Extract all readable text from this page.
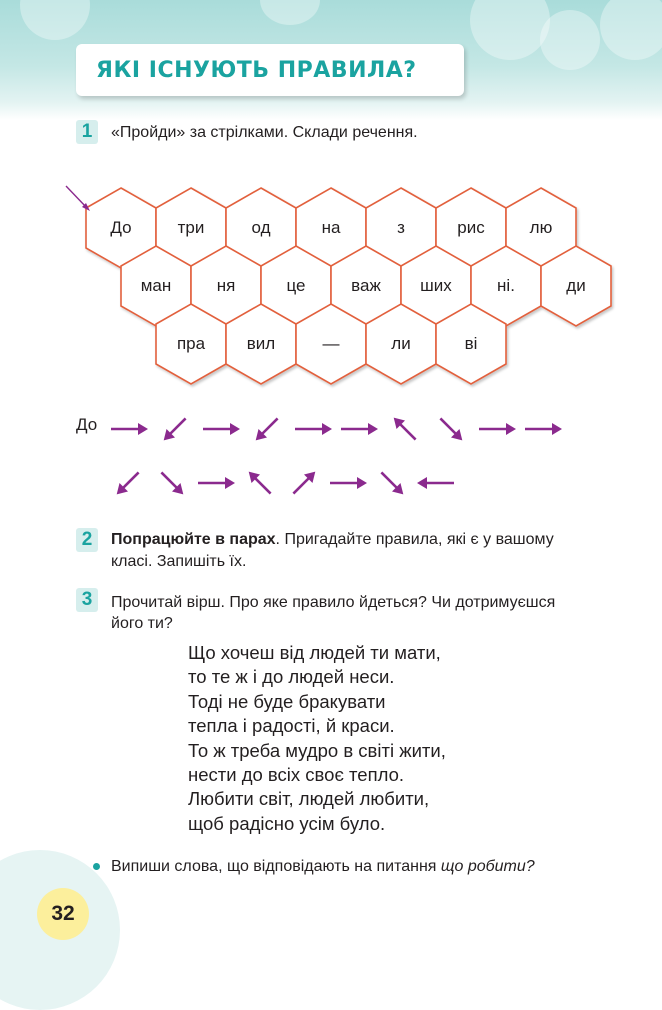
ЯКІ ІСНУЮТЬ ПРАВИЛА?
1	«Пройди» за стрілками. Склади речення.
До	три	од	на	з	рис	лю
ман	ня	це	важ	ших	ні.	ди
пра	вил	—	ли	ві
До
2	Попрацюйте в парах. Пригадайте правила, які є у вашому
класі. Запишіть їх.
3	Прочитай вірш. Про яке правило йдеться? Чи дотримуєшся
його ти?
Що хочеш від людей ти мати,
то те ж і до людей неси.
Тоді не буде бракувати
тепла і радості, й краси.
То ж треба мудро в світі жити,
нести до всіх своє тепло.
Любити світ, людей любити,
щоб радісно усім було.
Випиши слова, що відповідають на питання що робити?
32
